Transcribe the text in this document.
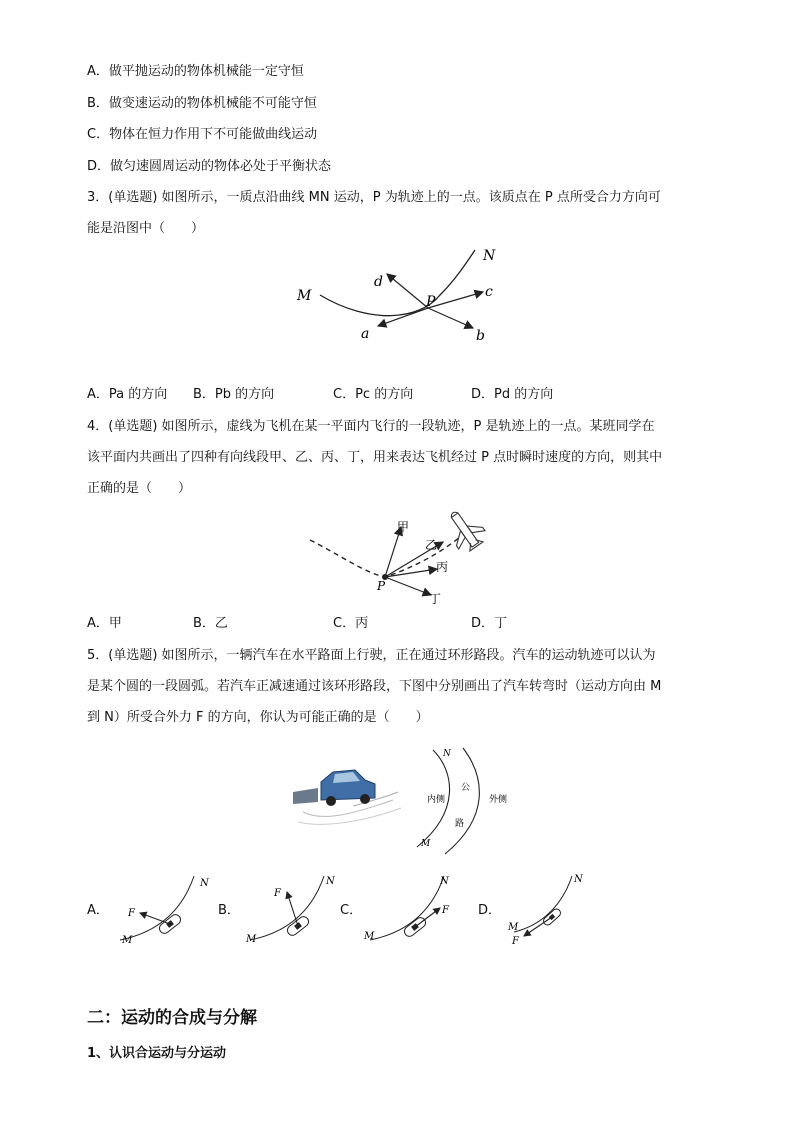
A．做平抛运动的物体机械能一定守恒
B．做变速运动的物体机械能不可能守恒
C．物体在恒力作用下不可能做曲线运动
D．做匀速圆周运动的物体必处于平衡状态
3．(单选题) 如图所示，一质点沿曲线 MN 运动，P 为轨迹上的一点。该质点在 P 点所受合力方向可
能是沿图中（　　）
N
M	P
d
c
a	b
A．Pa 的方向 B．Pb 的方向	C．Pc 的方向	D．Pd 的方向
4．(单选题) 如图所示，虚线为飞机在某一平面内飞行的一段轨迹，P 是轨迹上的一点。某班同学在
该平面内共画出了四种有向线段甲、乙、丙、丁，用来表达飞机经过 P 点时瞬时速度的方向，则其中
正确的是（　　）
甲
乙
丙
丁
P
A．甲	B．乙	C．丙	D．丁
5．(单选题) 如图所示，一辆汽车在水平路面上行驶，正在通过环形路段。汽车的运动轨迹可以认为
是某个圆的一段圆弧。若汽车正减速通过该环形路段，下图中分别画出了汽车转弯时（运动方向由 M
到 N）所受合外力 F 的方向，你认为可能正确的是（　　）
N
M
内侧	外侧
公
路
A．
N
M
F	B．
N
M
F
C．
N
M
F D．
N
M
F
二：运动的合成与分解
1、认识合运动与分运动
